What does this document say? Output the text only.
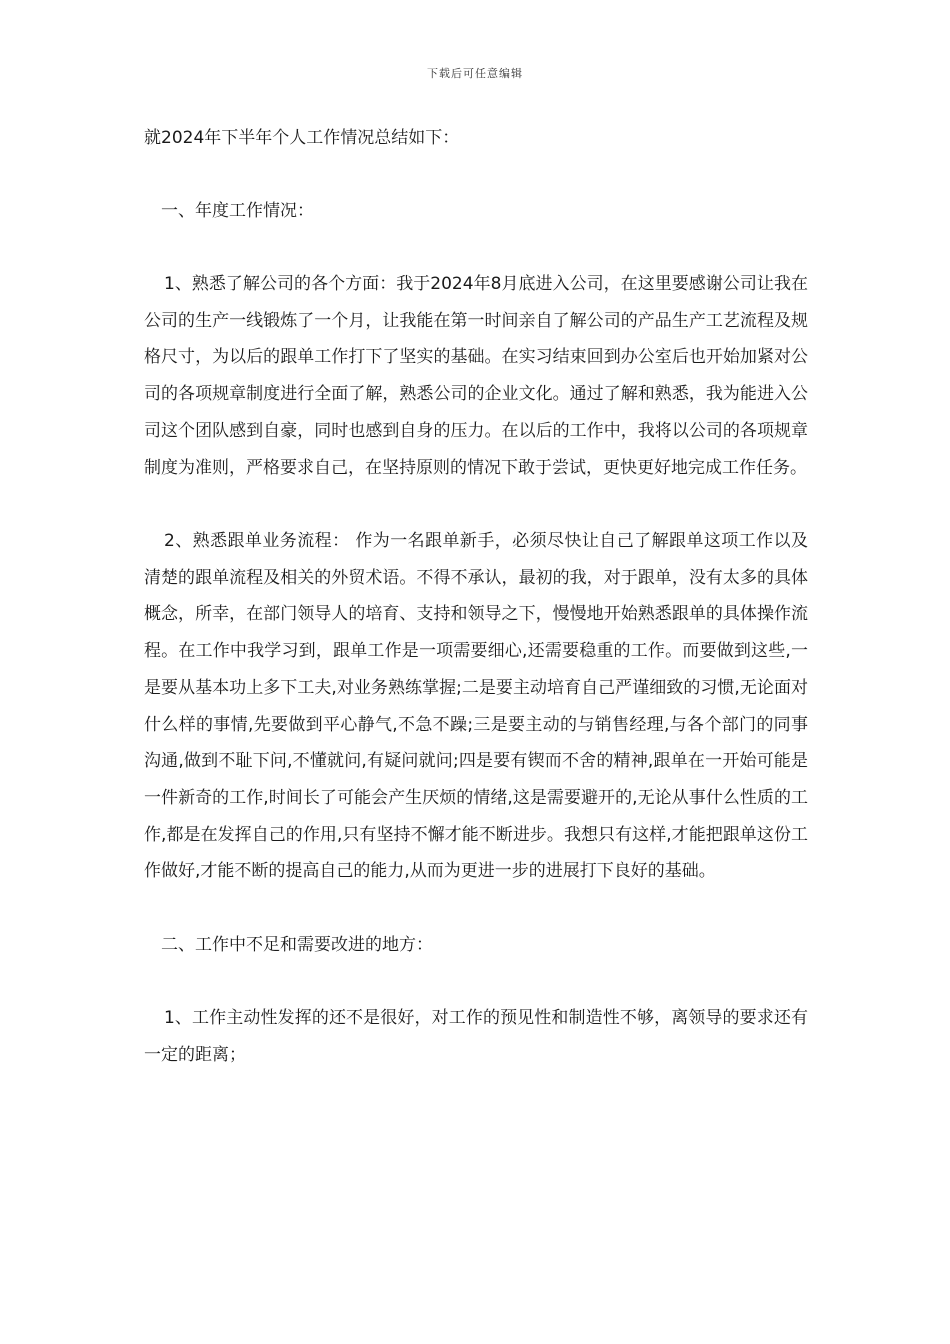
下载后可任意编辑

就2024年下半年个人工作情况总结如下：

一、年度工作情况：

1、熟悉了解公司的各个方面：我于2024年8月底进入公司，在这里要感谢公司让我在公司的生产一线锻炼了一个月，让我能在第一时间亲自了解公司的产品生产工艺流程及规格尺寸，为以后的跟单工作打下了坚实的基础。在实习结束回到办公室后也开始加紧对公司的各项规章制度进行全面了解，熟悉公司的企业文化。通过了解和熟悉，我为能进入公司这个团队感到自豪，同时也感到自身的压力。在以后的工作中，我将以公司的各项规章制度为准则，严格要求自己，在坚持原则的情况下敢于尝试，更快更好地完成工作任务。

2、熟悉跟单业务流程： 作为一名跟单新手，必须尽快让自己了解跟单这项工作以及清楚的跟单流程及相关的外贸术语。不得不承认，最初的我，对于跟单，没有太多的具体概念，所幸，在部门领导人的培育、支持和领导之下，慢慢地开始熟悉跟单的具体操作流程。在工作中我学习到，跟单工作是一项需要细心,还需要稳重的工作。而要做到这些,一是要从基本功上多下工夫,对业务熟练掌握;二是要主动培育自己严谨细致的习惯,无论面对什么样的事情,先要做到平心静气,不急不躁;三是要主动的与销售经理,与各个部门的同事沟通,做到不耻下问,不懂就问,有疑问就问;四是要有锲而不舍的精神,跟单在一开始可能是一件新奇的工作,时间长了可能会产生厌烦的情绪,这是需要避开的,无论从事什么性质的工作,都是在发挥自己的作用,只有坚持不懈才能不断进步。我想只有这样,才能把跟单这份工作做好,才能不断的提高自己的能力,从而为更进一步的进展打下良好的基础。

二、工作中不足和需要改进的地方：

1、工作主动性发挥的还不是很好，对工作的预见性和制造性不够，离领导的要求还有一定的距离；
